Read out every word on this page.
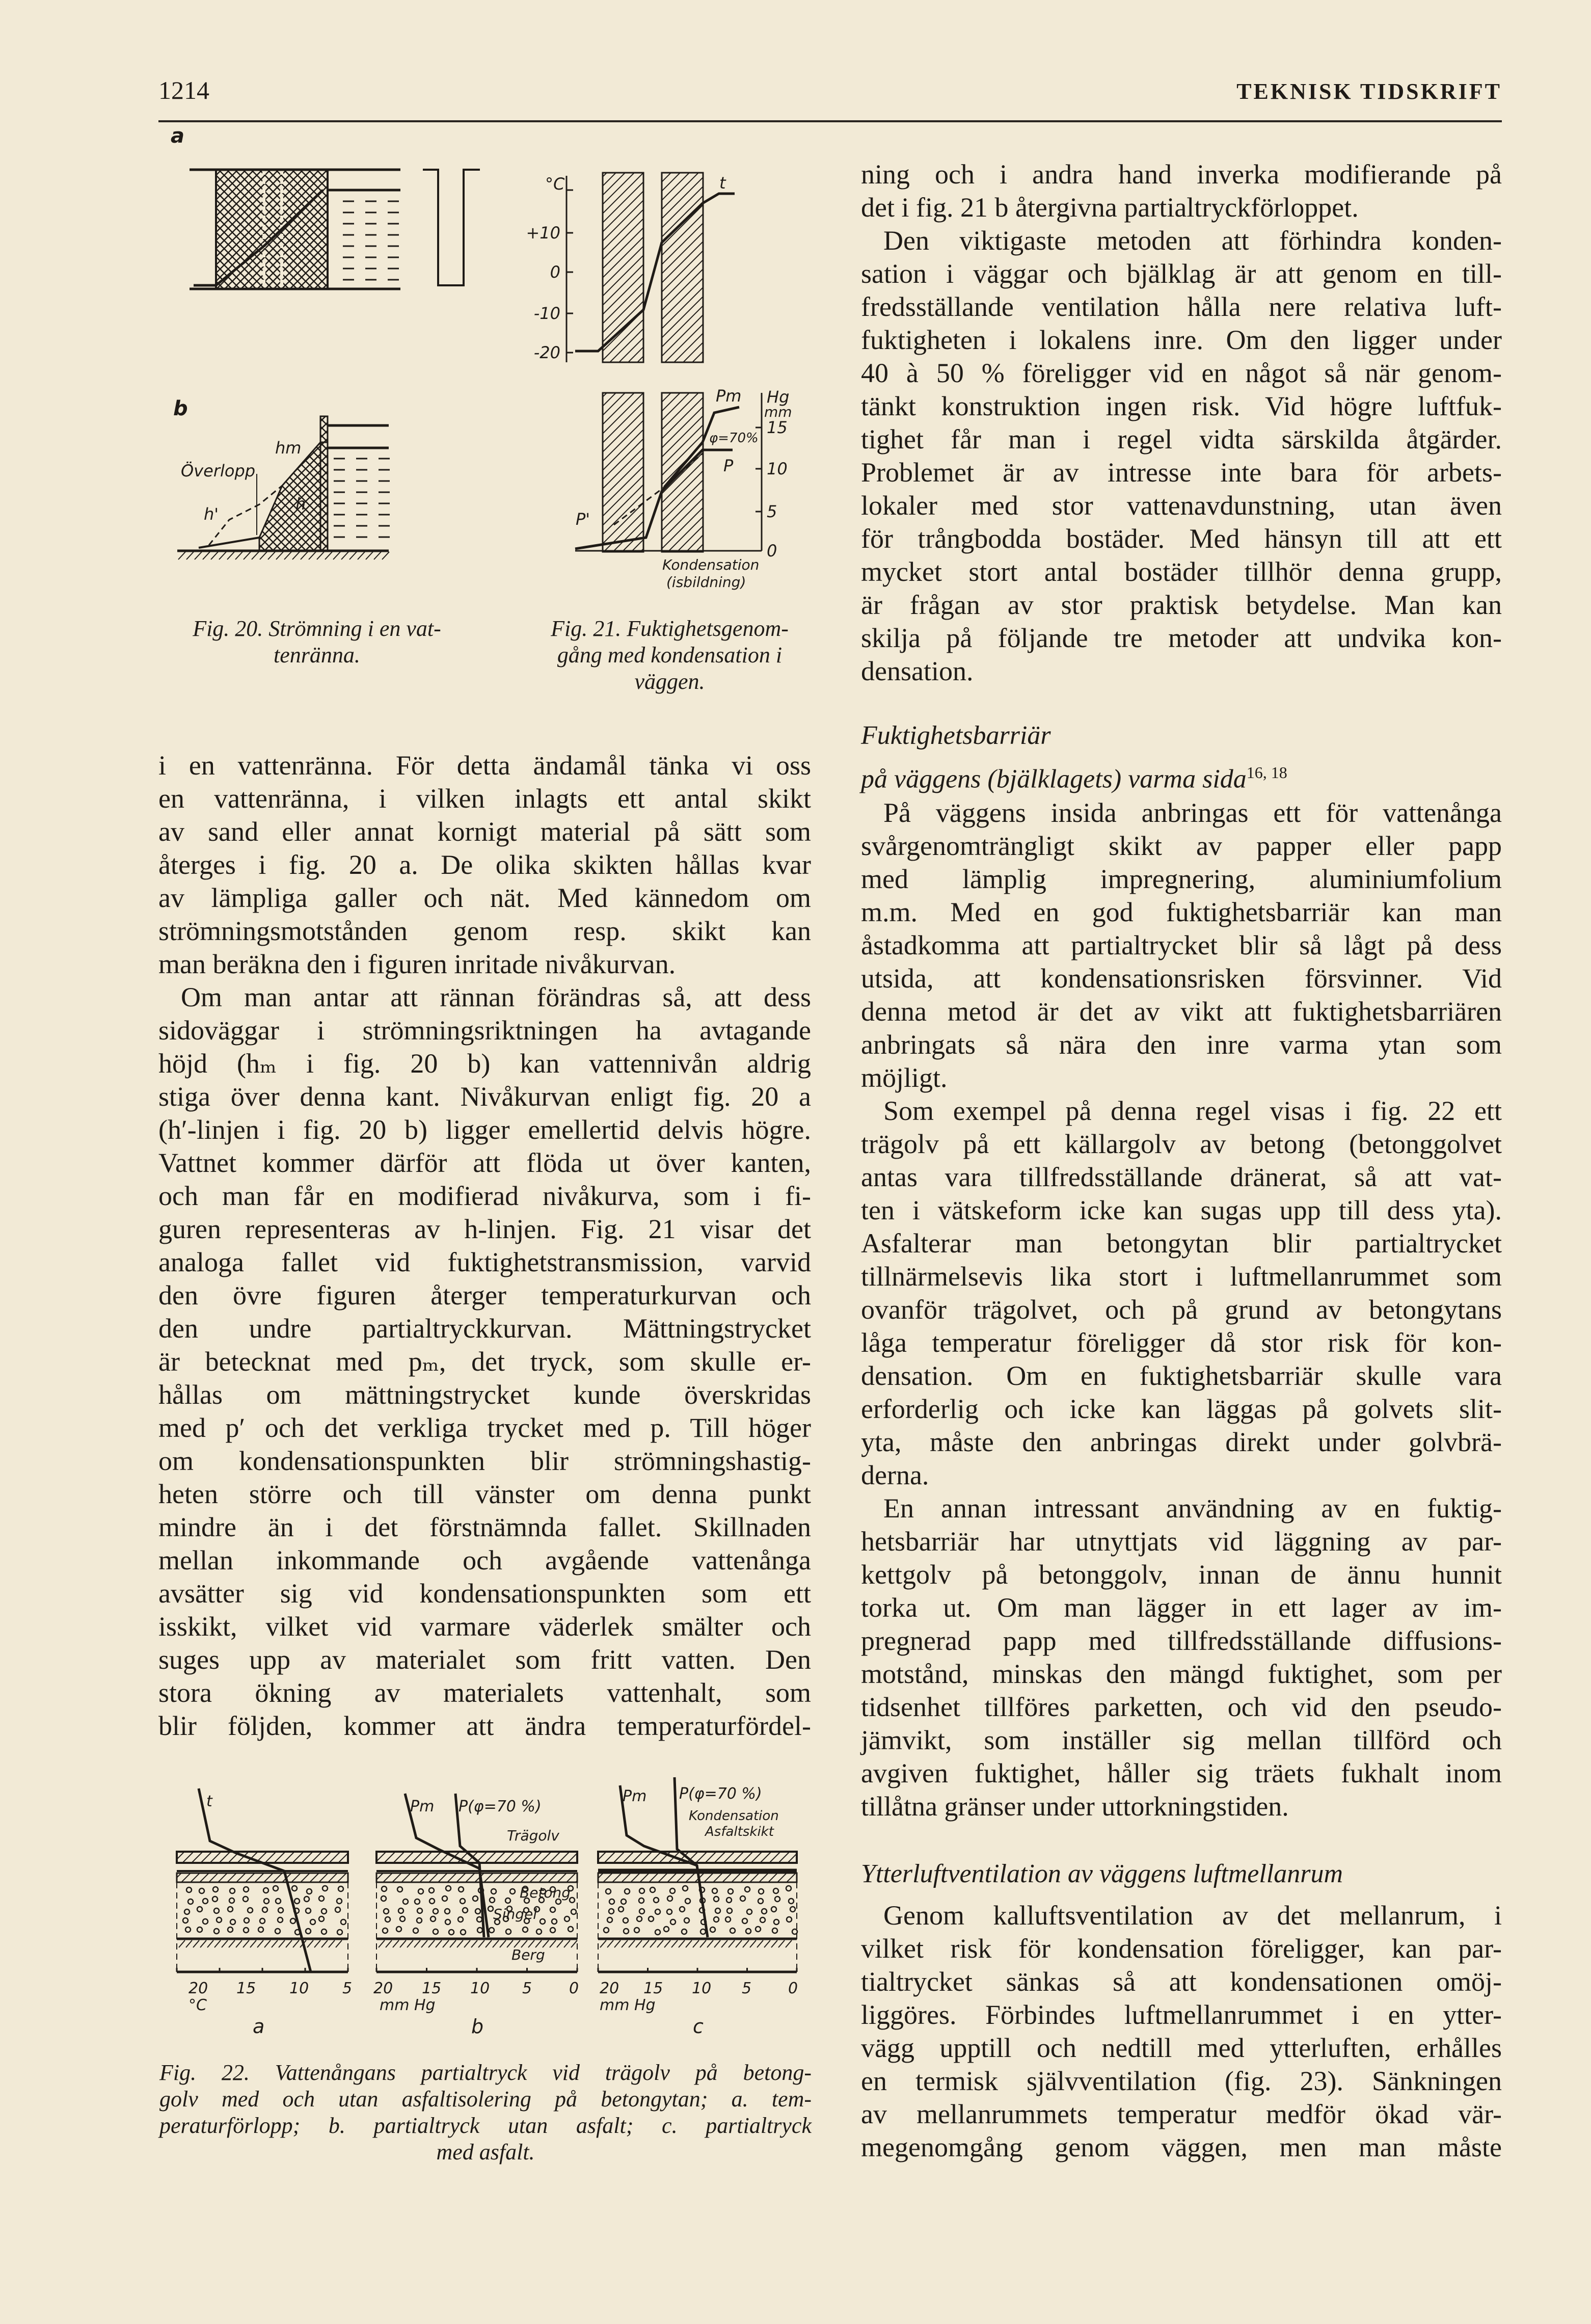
1214	TEKNISK TIDSKRIFT
a
b
Överlopp
hm
h'
h
°C
+10
0
-10
-20
t
Hg
mm
15
10
5
0
Pm
φ=70%
P
P'
Kondensation
(isbildning)
t
20 15 10 5
°C
a
Pm P(φ=70 %)
Trägolv
Betong
Singel
Berg
20 15 10 5 0
mm Hg
b
Pm P(φ=70 %)
Kondensation
Asfaltskikt
20 15 10 5 0
mm Hg
c
Fig. 20. Strömning i en vat-
tenränna.
Fig. 21. Fuktighetsgenom-
gång med kondensation i
väggen.
Fig. 22. Vattenångans partialtryck vid trägolv på betong-
golv med och utan asfaltisolering på betongytan; a. tem-
peraturförlopp; b. partialtryck utan asfalt; c. partialtryck
med asfalt.
i en vattenränna. För detta ändamål tänka vi oss
en vattenränna, i vilken inlagts ett antal skikt
av sand eller annat kornigt material på sätt som
återges i fig. 20 a. De olika skikten hållas kvar
av lämpliga galler och nät. Med kännedom om
strömningsmotstånden genom resp. skikt kan
man beräkna den i figuren inritade nivåkurvan.
Om man antar att rännan förändras så, att dess
sidoväggar i strömningsriktningen ha avtagande
höjd (hₘ i fig. 20 b) kan vattennivån aldrig
stiga över denna kant. Nivåkurvan enligt fig. 20 a
(h′-linjen i fig. 20 b) ligger emellertid delvis högre.
Vattnet kommer därför att flöda ut över kanten,
och man får en modifierad nivåkurva, som i fi-
guren representeras av h-linjen. Fig. 21 visar det
analoga fallet vid fuktighetstransmission, varvid
den övre figuren återger temperaturkurvan och
den undre partialtryckkurvan. Mättningstrycket
är betecknat med pₘ, det tryck, som skulle er-
hållas om mättningstrycket kunde överskridas
med p′ och det verkliga trycket med p. Till höger
om kondensationspunkten blir strömningshastig-
heten större och till vänster om denna punkt
mindre än i det förstnämnda fallet. Skillnaden
mellan inkommande och avgående vattenånga
avsätter sig vid kondensationspunkten som ett
isskikt, vilket vid varmare väderlek smälter och
suges upp av materialet som fritt vatten. Den
stora ökning av materialets vattenhalt, som
blir följden, kommer att ändra temperaturfördel-
ning och i andra hand inverka modifierande på
det i fig. 21 b återgivna partialtryckförloppet.
Den viktigaste metoden att förhindra konden-
sation i väggar och bjälklag är att genom en till-
fredsställande ventilation hålla nere relativa luft-
fuktigheten i lokalens inre. Om den ligger under
40 à 50 % föreligger vid en något så när genom-
tänkt konstruktion ingen risk. Vid högre luftfuk-
tighet får man i regel vidta särskilda åtgärder.
Problemet är av intresse inte bara för arbets-
lokaler med stor vattenavdunstning, utan även
för trångbodda bostäder. Med hänsyn till att ett
mycket stort antal bostäder tillhör denna grupp,
är frågan av stor praktisk betydelse. Man kan
skilja på följande tre metoder att undvika kon-
densation.
Fuktighetsbarriär
på väggens (bjälklagets) varma sida$^{16, 18}$
På väggens insida anbringas ett för vattenånga
svårgenomträngligt skikt av papper eller papp
med lämplig impregnering, aluminiumfolium
m.m. Med en god fuktighetsbarriär kan man
åstadkomma att partialtrycket blir så lågt på dess
utsida, att kondensationsrisken försvinner. Vid
denna metod är det av vikt att fuktighetsbarriären
anbringats så nära den inre varma ytan som
möjligt.
Som exempel på denna regel visas i fig. 22 ett
trägolv på ett källargolv av betong (betonggolvet
antas vara tillfredsställande dränerat, så att vat-
ten i vätskeform icke kan sugas upp till dess yta).
Asfalterar man betongytan blir partialtrycket
tillnärmelsevis lika stort i luftmellanrummet som
ovanför trägolvet, och på grund av betongytans
låga temperatur föreligger då stor risk för kon-
densation. Om en fuktighetsbarriär skulle vara
erforderlig och icke kan läggas på golvets slit-
yta, måste den anbringas direkt under golvbrä-
derna.
En annan intressant användning av en fuktig-
hetsbarriär har utnyttjats vid läggning av par-
kettgolv på betonggolv, innan de ännu hunnit
torka ut. Om man lägger in ett lager av im-
pregnerad papp med tillfredsställande diffusions-
motstånd, minskas den mängd fuktighet, som per
tidsenhet tillföres parketten, och vid den pseudo-
jämvikt, som inställer sig mellan tillförd och
avgiven fuktighet, håller sig träets fukhalt inom
tillåtna gränser under uttorkningstiden.
Ytterluftventilation av väggens luftmellanrum
Genom kalluftsventilation av det mellanrum, i
vilket risk för kondensation föreligger, kan par-
tialtrycket sänkas så att kondensationen omöj-
liggöres. Förbindes luftmellanrummet i en ytter-
vägg upptill och nedtill med ytterluften, erhålles
en termisk självventilation (fig. 23). Sänkningen
av mellanrummets temperatur medför ökad vär-
megenomgång genom väggen, men man måste
